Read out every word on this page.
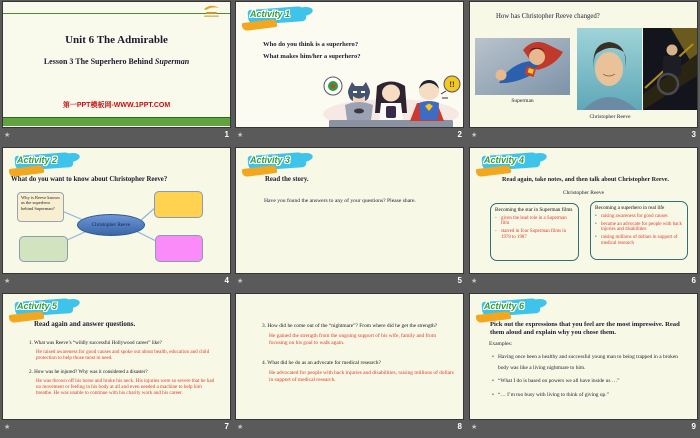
Unit 6 The Admirable
Lesson 3 The Superhero Behind Superman
第一PPT模板网-WWW.1PPT.COM
★	1
Activity 1
Who do you think is a superhero?
What makes him/her a superhero?
!!
★	2
How has Christopher Reeve changed?
Superman
Christopher Reeve
★	3
Activity 2
What do you want to know about Christopher Reeve?
Why is Reeve known as the superhero behind Superman?
Christopher Reeve
★	4
Activity 3
Read the story.
Have you found the answers to any of your questions? Please share.
★	5
Activity 4
Read again, take notes, and then talk about Christopher Reeve.
Christopher Reeve
Becoming the star in Superman films
- given the lead role in a Superman film
- starred in four Superman films in 1978 to 1987
Becoming a superhero in real life
• raising awareness for good causes
• became an advocate for people with back injuries and disabilities
• raising millions of dollars in support of medical research
★	6
Activity 5
Read again and answer questions.
1. What was Reeve’s “wildly successful Hollywood career” like?
He raised awareness for good causes and spoke out about health, education and child protection to help those most in need.
2. How was he injured? Why was it considered a disaster?
He was thrown off his horse and broke his neck. His injuries were so severe that he had no movement or feeling in his body at all and even needed a machine to help him breathe. He was unable to continue with his charity work and his career.
★	7
3. How did he come out of the “nightmare”? From where did he get the strength?
He gained the strength from the ongoing support of his wife, family and from focusing on his goal to walk again.
4. What did he do as an advocate for medical research?
He advocated for people with back injuries and disabilities, raising millions of dollars in support of medical research.
★	8
Activity 6
Pick out the expressions that you feel are the most impressive. Read them aloud and explain why you chose them.
Examples:
• Having once been a healthy and successful young man to being trapped in a broken body was like a living nightmare to him.
• “What I do is based on powers we all have inside us …”
• “… I’m too busy with living to think of giving up.”
★	9
